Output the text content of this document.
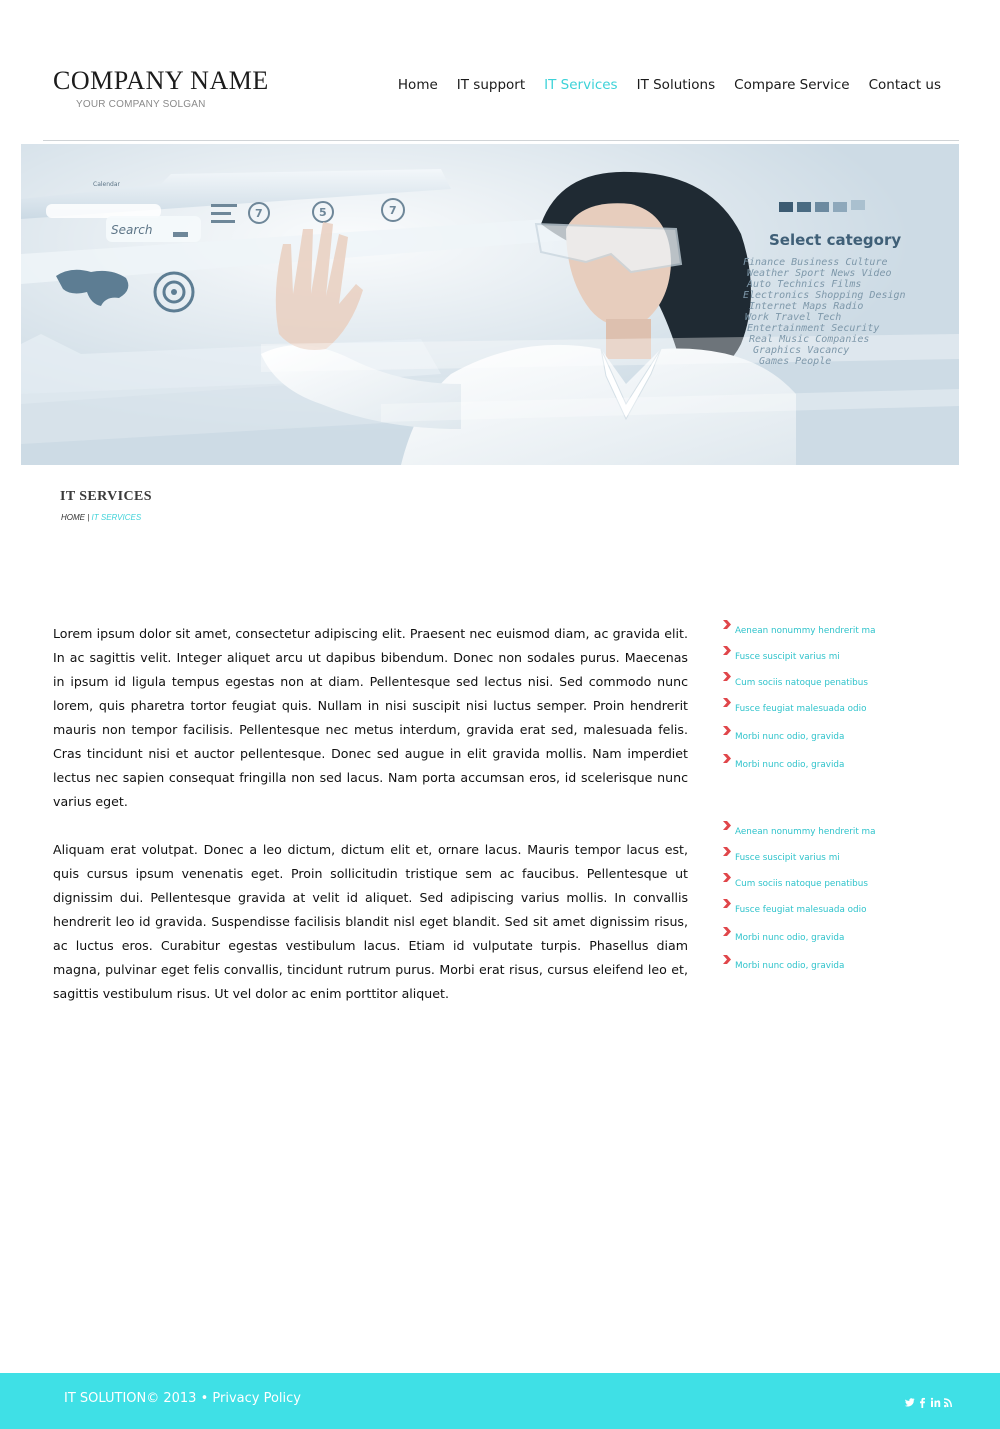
COMPANY NAME
YOUR COMPANY SOLGAN
Home IT support IT Services IT Solutions Compare Service Contact us
Search
Calendar
7	5	7
Select category
Finance Business Culture
Weather Sport News Video
Auto Technics Films
Electronics Shopping Design
Internet Maps Radio
Work Travel Tech
Entertainment Security
Real Music Companies
Graphics Vacancy
Games People
IT SERVICES
HOME | IT SERVICES

Lorem ipsum dolor sit amet, consectetur adipiscing elit. Praesent nec euismod diam, ac gravida elit. In ac sagittis velit. Integer aliquet arcu ut dapibus bibendum. Donec non sodales purus. Maecenas in ipsum id ligula tempus egestas non at diam. Pellentesque sed lectus nisi. Sed commodo nunc lorem, quis pharetra tortor feugiat quis. Nullam in nisi suscipit nisi luctus semper. Proin hendrerit mauris non tempor facilisis. Pellentesque nec metus interdum, gravida erat sed, malesuada felis. Cras tincidunt nisi et auctor pellentesque. Donec sed augue in elit gravida mollis. Nam imperdiet lectus nec sapien consequat fringilla non sed lacus. Nam porta accumsan eros, id scelerisque nunc varius eget.

Aliquam erat volutpat. Donec a leo dictum, dictum elit et, ornare lacus. Mauris tempor lacus est, quis cursus ipsum venenatis eget. Proin sollicitudin tristique sem ac faucibus. Pellentesque ut dignissim dui. Pellentesque gravida at velit id aliquet. Sed adipiscing varius mollis. In convallis hendrerit leo id gravida. Suspendisse facilisis blandit nisl eget blandit. Sed sit amet dignissim risus, ac luctus eros. Curabitur egestas vestibulum lacus. Etiam id vulputate turpis. Phasellus diam magna, pulvinar eget felis convallis, tincidunt rutrum purus. Morbi erat risus, cursus eleifend leo et, sagittis vestibulum risus. Ut vel dolor ac enim porttitor aliquet.

Aenean nonummy hendrerit ma
Fusce suscipit varius mi
Cum sociis natoque penatibus
Fusce feugiat malesuada odio
Morbi nunc odio, gravida
Morbi nunc odio, gravida
Aenean nonummy hendrerit ma
Fusce suscipit varius mi
Cum sociis natoque penatibus
Fusce feugiat malesuada odio
Morbi nunc odio, gravida
Morbi nunc odio, gravida
IT SOLUTION© 2013 • Privacy Policy
